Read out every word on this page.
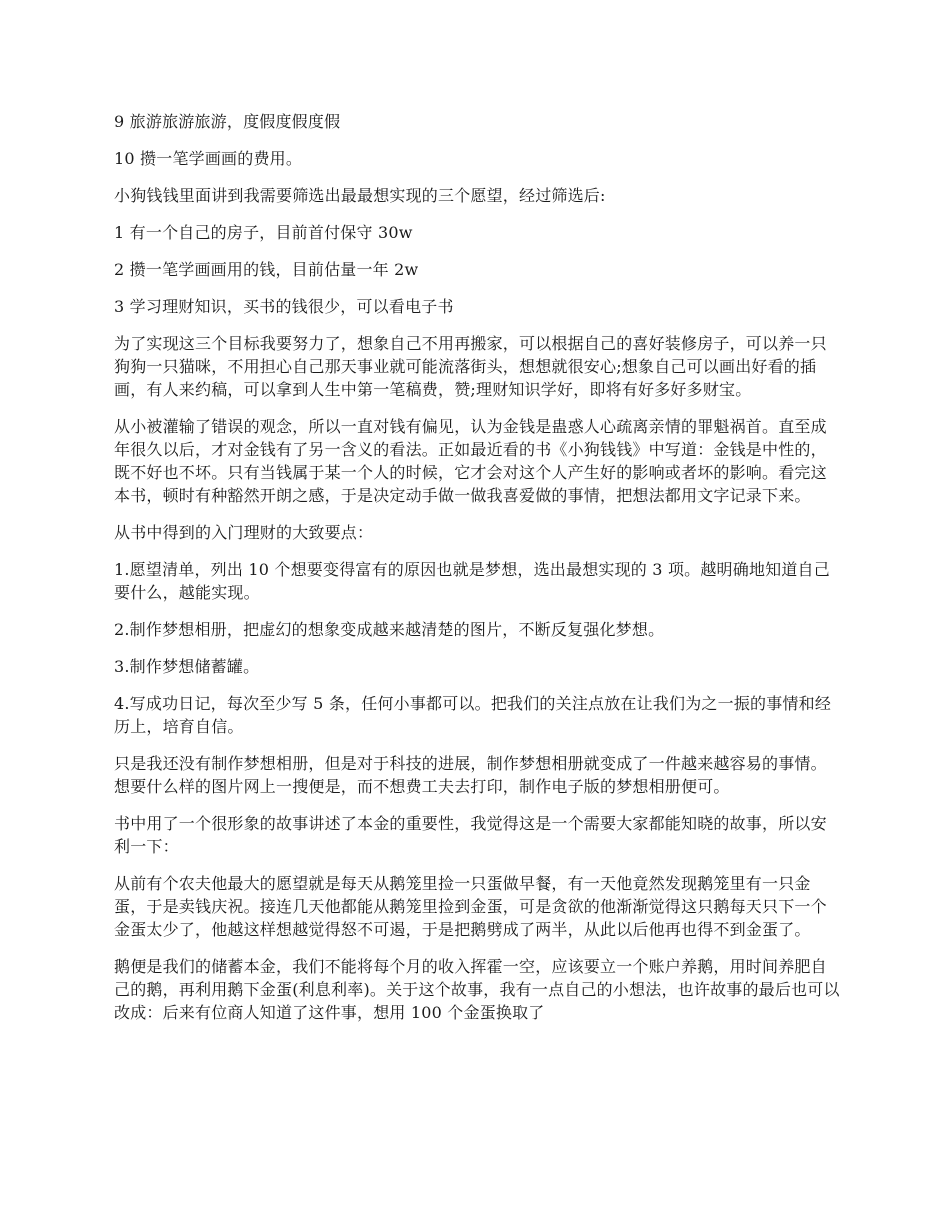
9 旅游旅游旅游，度假度假度假

10 攒一笔学画画的费用。

小狗钱钱里面讲到我需要筛选出最最想实现的三个愿望，经过筛选后:

1 有一个自己的房子，目前首付保守 30w

2 攒一笔学画画用的钱，目前估量一年 2w

3 学习理财知识，买书的钱很少，可以看电子书

为了实现这三个目标我要努力了，想象自己不用再搬家，可以根据自己的喜好装修房子，可以养一只狗狗一只猫咪，不用担心自己那天事业就可能流落街头，想想就很安心;想象自己可以画出好看的插画，有人来约稿，可以拿到人生中第一笔稿费，赞;理财知识学好，即将有好多好多财宝。

从小被灌输了错误的观念，所以一直对钱有偏见，认为金钱是蛊惑人心疏离亲情的罪魁祸首。直至成年很久以后，才对金钱有了另一含义的看法。正如最近看的书《小狗钱钱》中写道：金钱是中性的，既不好也不坏。只有当钱属于某一个人的时候，它才会对这个人产生好的影响或者坏的影响。看完这本书，顿时有种豁然开朗之感，于是决定动手做一做我喜爱做的事情，把想法都用文字记录下来。

从书中得到的入门理财的大致要点：

1.愿望清单，列出 10 个想要变得富有的原因也就是梦想，选出最想实现的 3 项。越明确地知道自己要什么，越能实现。

2.制作梦想相册，把虚幻的想象变成越来越清楚的图片，不断反复强化梦想。

3.制作梦想储蓄罐。

4.写成功日记，每次至少写 5 条，任何小事都可以。把我们的关注点放在让我们为之一振的事情和经历上，培育自信。

只是我还没有制作梦想相册，但是对于科技的进展，制作梦想相册就变成了一件越来越容易的事情。想要什么样的图片网上一搜便是，而不想费工夫去打印，制作电子版的梦想相册便可。

书中用了一个很形象的故事讲述了本金的重要性，我觉得这是一个需要大家都能知晓的故事，所以安利一下：

从前有个农夫他最大的愿望就是每天从鹅笼里捡一只蛋做早餐，有一天他竟然发现鹅笼里有一只金蛋，于是卖钱庆祝。接连几天他都能从鹅笼里捡到金蛋，可是贪欲的他渐渐觉得这只鹅每天只下一个金蛋太少了，他越这样想越觉得怒不可遏，于是把鹅劈成了两半，从此以后他再也得不到金蛋了。

鹅便是我们的储蓄本金，我们不能将每个月的收入挥霍一空，应该要立一个账户养鹅，用时间养肥自己的鹅，再利用鹅下金蛋(利息利率)。关于这个故事，我有一点自己的小想法，也许故事的最后也可以改成：后来有位商人知道了这件事，想用 100 个金蛋换取了
